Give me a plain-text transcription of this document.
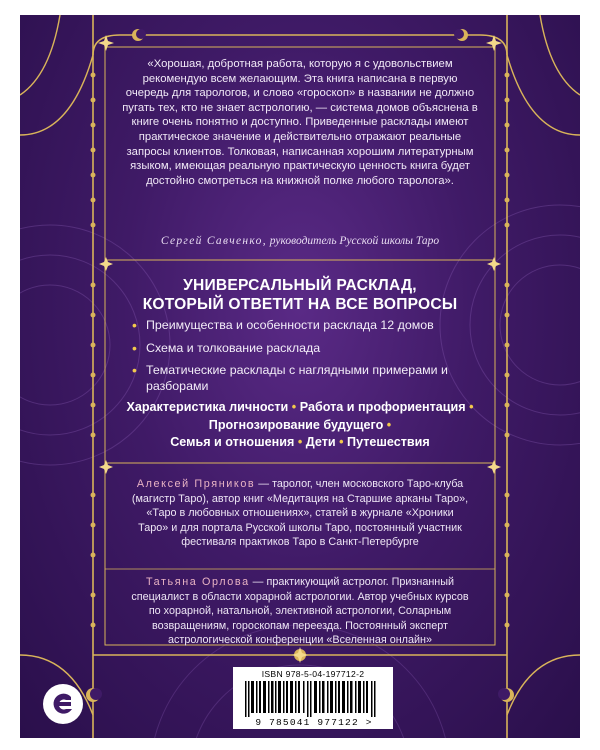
«Хорошая, добротная работа, которую я с удовольствием рекомендую всем желающим. Эта книга написана в первую очередь для тарологов, и слово «гороскоп» в названии не должно пугать тех, кто не знает астрологию, — система домов объяснена в книге очень понятно и доступно. Приведенные расклады имеют практическое значение и действительно отражают реальные запросы клиентов. Толковая, написанная хорошим литературным языком, имеющая реальную практическую ценность книга будет достойно смотреться на книжной полке любого таролога».
Сергей Савченко, руководитель Русской школы Таро
УНИВЕРСАЛЬНЫЙ РАСКЛАД,
КОТОРЫЙ ОТВЕТИТ НА ВСЕ ВОПРОСЫ
• Преимущества и особенности расклада 12 домов
• Схема и толкование расклада
• Тематические расклады с наглядными примерами и разборами
Характеристика личности • Работа и профориентация • Прогнозирование будущего •
Семья и отношения • Дети • Путешествия
Алексей Пряников — таролог, член московского Таро-клуба (магистр Таро), автор книг «Медитация на Старшие арканы Таро», «Таро в любовных отношениях», статей в журнале «Хроники Таро» и для портала Русской школы Таро, постоянный участник фестиваля практиков Таро в Санкт-Петербурге
Татьяна Орлова — практикующий астролог. Признанный специалист в области хорарной астрологии. Автор учебных курсов по хорарной, натальной, элективной астрологии, Соларным возвращениям, гороскопам переезда. Постоянный эксперт астрологической конференции «Вселенная онлайн»
ISBN 978-5-04-197712-2
9 785041 977122 >
